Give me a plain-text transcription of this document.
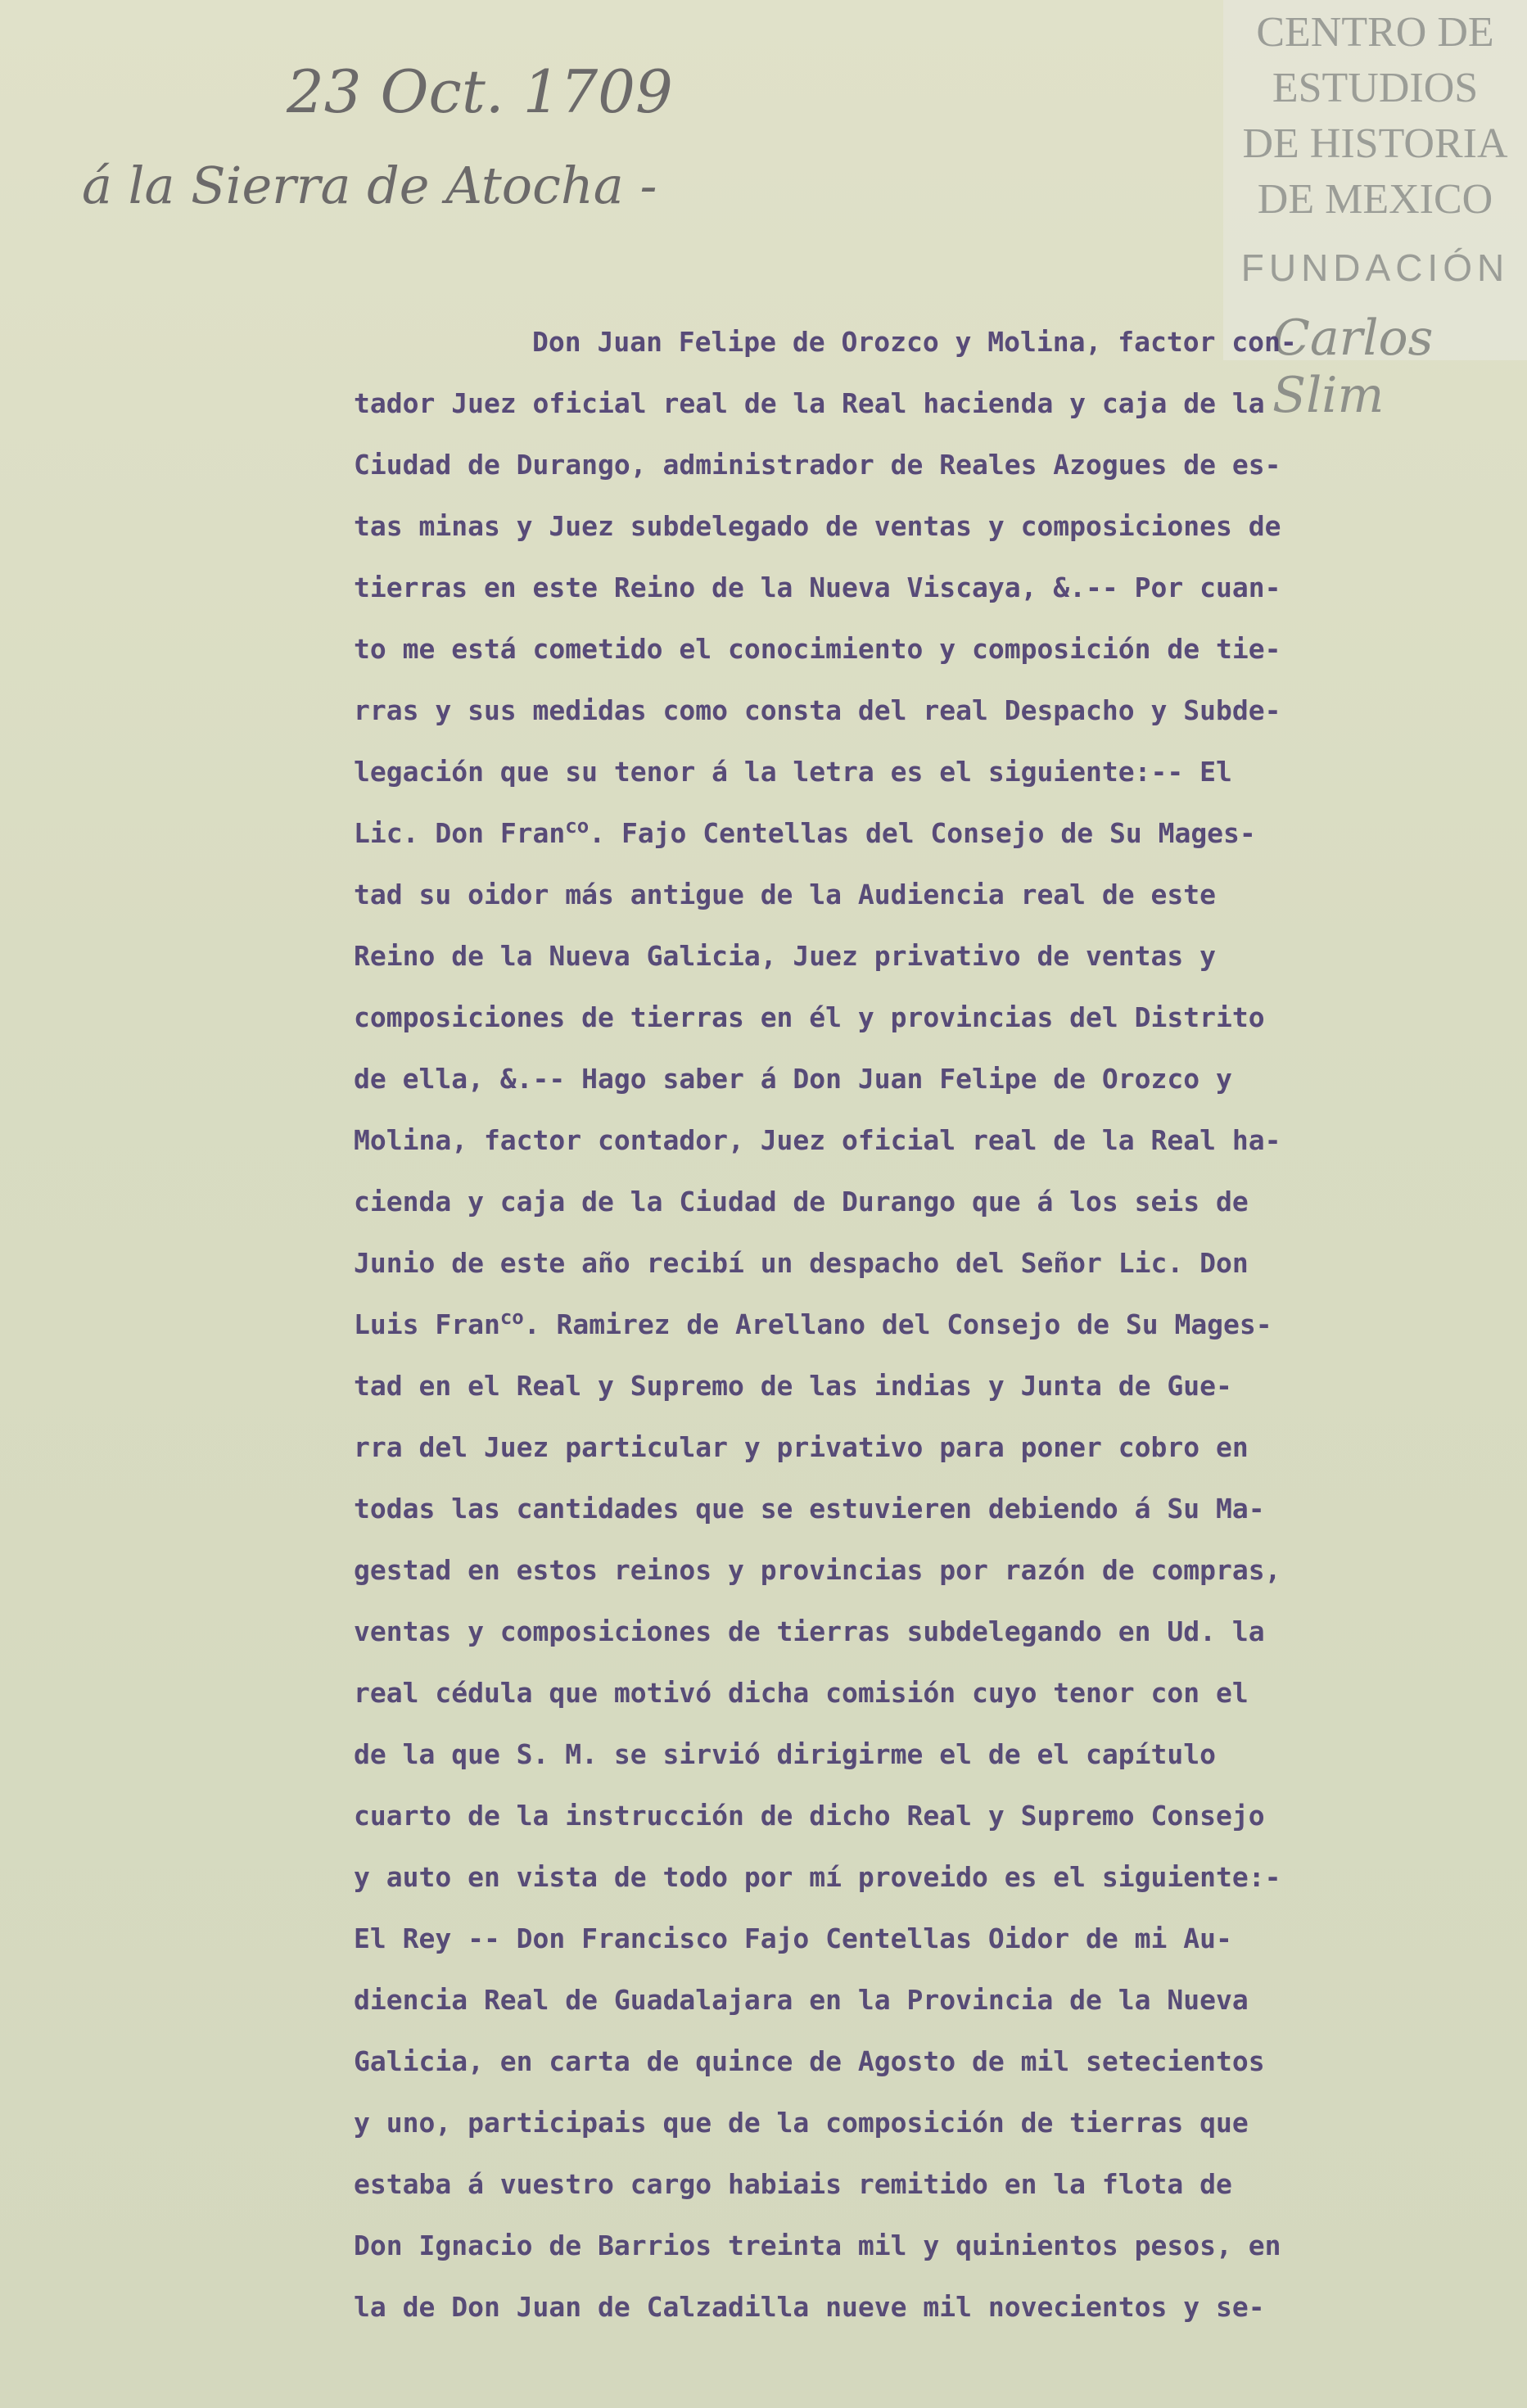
23 Oct. 1709
á la Sierra de Atocha -
CENTRO DE
ESTUDIOS
DE HISTORIA
DE MEXICO
FUNDACIÓN
Carlos Slim
Don Juan Felipe de Orozco y Molina, factor con-
tador Juez oficial real de la Real hacienda y caja de la
Ciudad de Durango, administrador de Reales Azogues de es-
tas minas y Juez subdelegado de ventas y composiciones de
tierras en este Reino de la Nueva Viscaya, &.-- Por cuan-
to me está cometido el conocimiento y composición de tie-
rras y sus medidas como consta del real Despacho y Subde-
legación que su tenor á la letra es el siguiente:-- El
Lic. Don Fran$^{co}$. Fajo Centellas del Consejo de Su Mages-
tad su oidor más antigue de la Audiencia real de este
Reino de la Nueva Galicia, Juez privativo de ventas y
composiciones de tierras en él y provincias del Distrito
de ella, &.-- Hago saber á Don Juan Felipe de Orozco y
Molina, factor contador, Juez oficial real de la Real ha-
cienda y caja de la Ciudad de Durango que á los seis de
Junio de este año recibí un despacho del Señor Lic. Don
Luis Fran$^{co}$. Ramirez de Arellano del Consejo de Su Mages-
tad en el Real y Supremo de las indias y Junta de Gue-
rra del Juez particular y privativo para poner cobro en
todas las cantidades que se estuvieren debiendo á Su Ma-
gestad en estos reinos y provincias por razón de compras,
ventas y composiciones de tierras subdelegando en Ud. la
real cédula que motivó dicha comisión cuyo tenor con el
de la que S. M. se sirvió dirigirme el de el capítulo
cuarto de la instrucción de dicho Real y Supremo Consejo
y auto en vista de todo por mí proveido es el siguiente:-
El Rey -- Don Francisco Fajo Centellas Oidor de mi Au-
diencia Real de Guadalajara en la Provincia de la Nueva
Galicia, en carta de quince de Agosto de mil setecientos
y uno, participais que de la composición de tierras que
estaba á vuestro cargo habiais remitido en la flota de
Don Ignacio de Barrios treinta mil y quinientos pesos, en
la de Don Juan de Calzadilla nueve mil novecientos y se-
